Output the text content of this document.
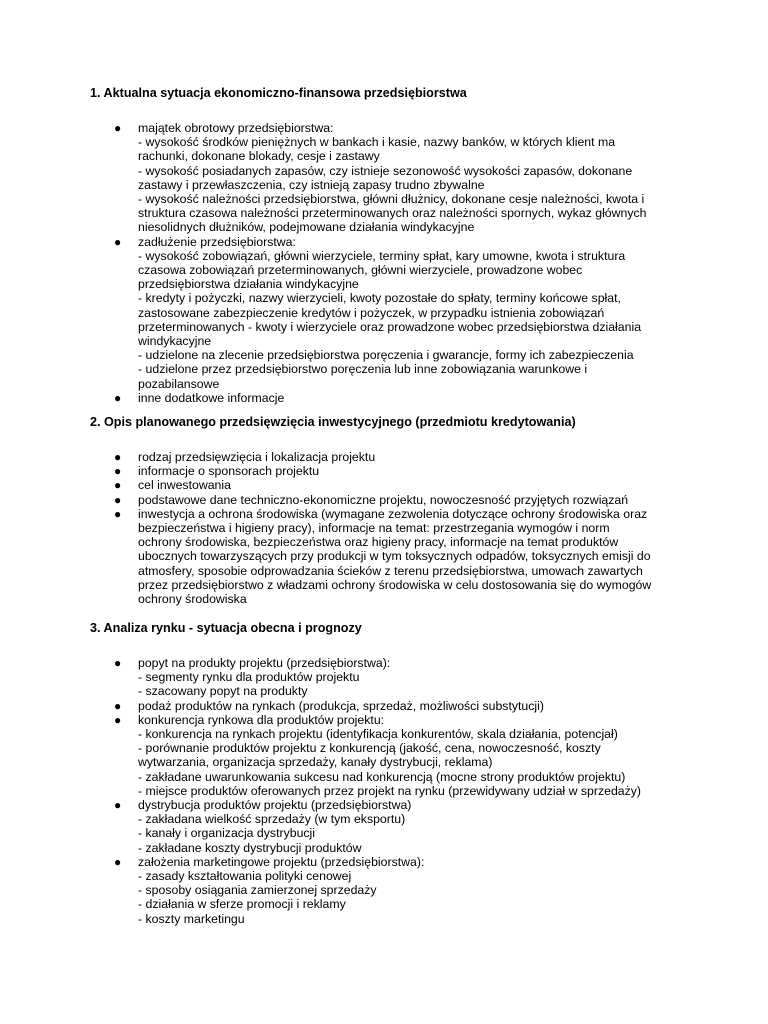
1. Aktualna sytuacja ekonomiczno-finansowa przedsiębiorstwa

● majątek obrotowy przedsiębiorstwa:
- wysokość środków pieniężnych w bankach i kasie, nazwy banków, w których klient ma
rachunki, dokonane blokady, cesje i zastawy
- wysokość posiadanych zapasów, czy istnieje sezonowość wysokości zapasów, dokonane
zastawy i przewłaszczenia, czy istnieją zapasy trudno zbywalne
- wysokość należności przedsiębiorstwa, główni dłużnicy, dokonane cesje należności, kwota i
struktura czasowa należności przeterminowanych oraz należności spornych, wykaz głównych
niesolidnych dłużników, podejmowane działania windykacyjne
● zadłużenie przedsiębiorstwa:
- wysokość zobowiązań, główni wierzyciele, terminy spłat, kary umowne, kwota i struktura
czasowa zobowiązań przeterminowanych, główni wierzyciele, prowadzone wobec
przedsiębiorstwa działania windykacyjne
- kredyty i pożyczki, nazwy wierzycieli, kwoty pozostałe do spłaty, terminy końcowe spłat,
zastosowane zabezpieczenie kredytów i pożyczek, w przypadku istnienia zobowiązań
przeterminowanych - kwoty i wierzyciele oraz prowadzone wobec przedsiębiorstwa działania
windykacyjne
- udzielone na zlecenie przedsiębiorstwa poręczenia i gwarancje, formy ich zabezpieczenia
- udzielone przez przedsiębiorstwo poręczenia lub inne zobowiązania warunkowe i
pozabilansowe
● inne dodatkowe informacje

2. Opis planowanego przedsięwzięcia inwestycyjnego (przedmiotu kredytowania)

● rodzaj przedsięwzięcia i lokalizacja projektu
● informacje o sponsorach projektu
● cel inwestowania
● podstawowe dane techniczno-ekonomiczne projektu, nowoczesność przyjętych rozwiązań
● inwestycja a ochrona środowiska (wymagane zezwolenia dotyczące ochrony środowiska oraz
bezpieczeństwa i higieny pracy), informacje na temat: przestrzegania wymogów i norm
ochrony środowiska, bezpieczeństwa oraz higieny pracy, informacje na temat produktów
ubocznych towarzyszących przy produkcji w tym toksycznych odpadów, toksycznych emisji do
atmosfery, sposobie odprowadzania ścieków z terenu przedsiębiorstwa, umowach zawartych
przez przedsiębiorstwo z władzami ochrony środowiska w celu dostosowania się do wymogów
ochrony środowiska

3. Analiza rynku - sytuacja obecna i prognozy

● popyt na produkty projektu (przedsiębiorstwa):
- segmenty rynku dla produktów projektu
- szacowany popyt na produkty
● podaż produktów na rynkach (produkcja, sprzedaż, możliwości substytucji)
● konkurencja rynkowa dla produktów projektu:
- konkurencja na rynkach projektu (identyfikacja konkurentów, skala działania, potencjał)
- porównanie produktów projektu z konkurencją (jakość, cena, nowoczesność, koszty
wytwarzania, organizacja sprzedaży, kanały dystrybucji, reklama)
- zakładane uwarunkowania sukcesu nad konkurencją (mocne strony produktów projektu)
- miejsce produktów oferowanych przez projekt na rynku (przewidywany udział w sprzedaży)
● dystrybucja produktów projektu (przedsiębiorstwa)
- zakładana wielkość sprzedaży (w tym eksportu)
- kanały i organizacja dystrybucji
- zakładane koszty dystrybucji produktów
● założenia marketingowe projektu (przedsiębiorstwa):
- zasady kształtowania polityki cenowej
- sposoby osiągania zamierzonej sprzedaży
- działania w sferze promocji i reklamy
- koszty marketingu
